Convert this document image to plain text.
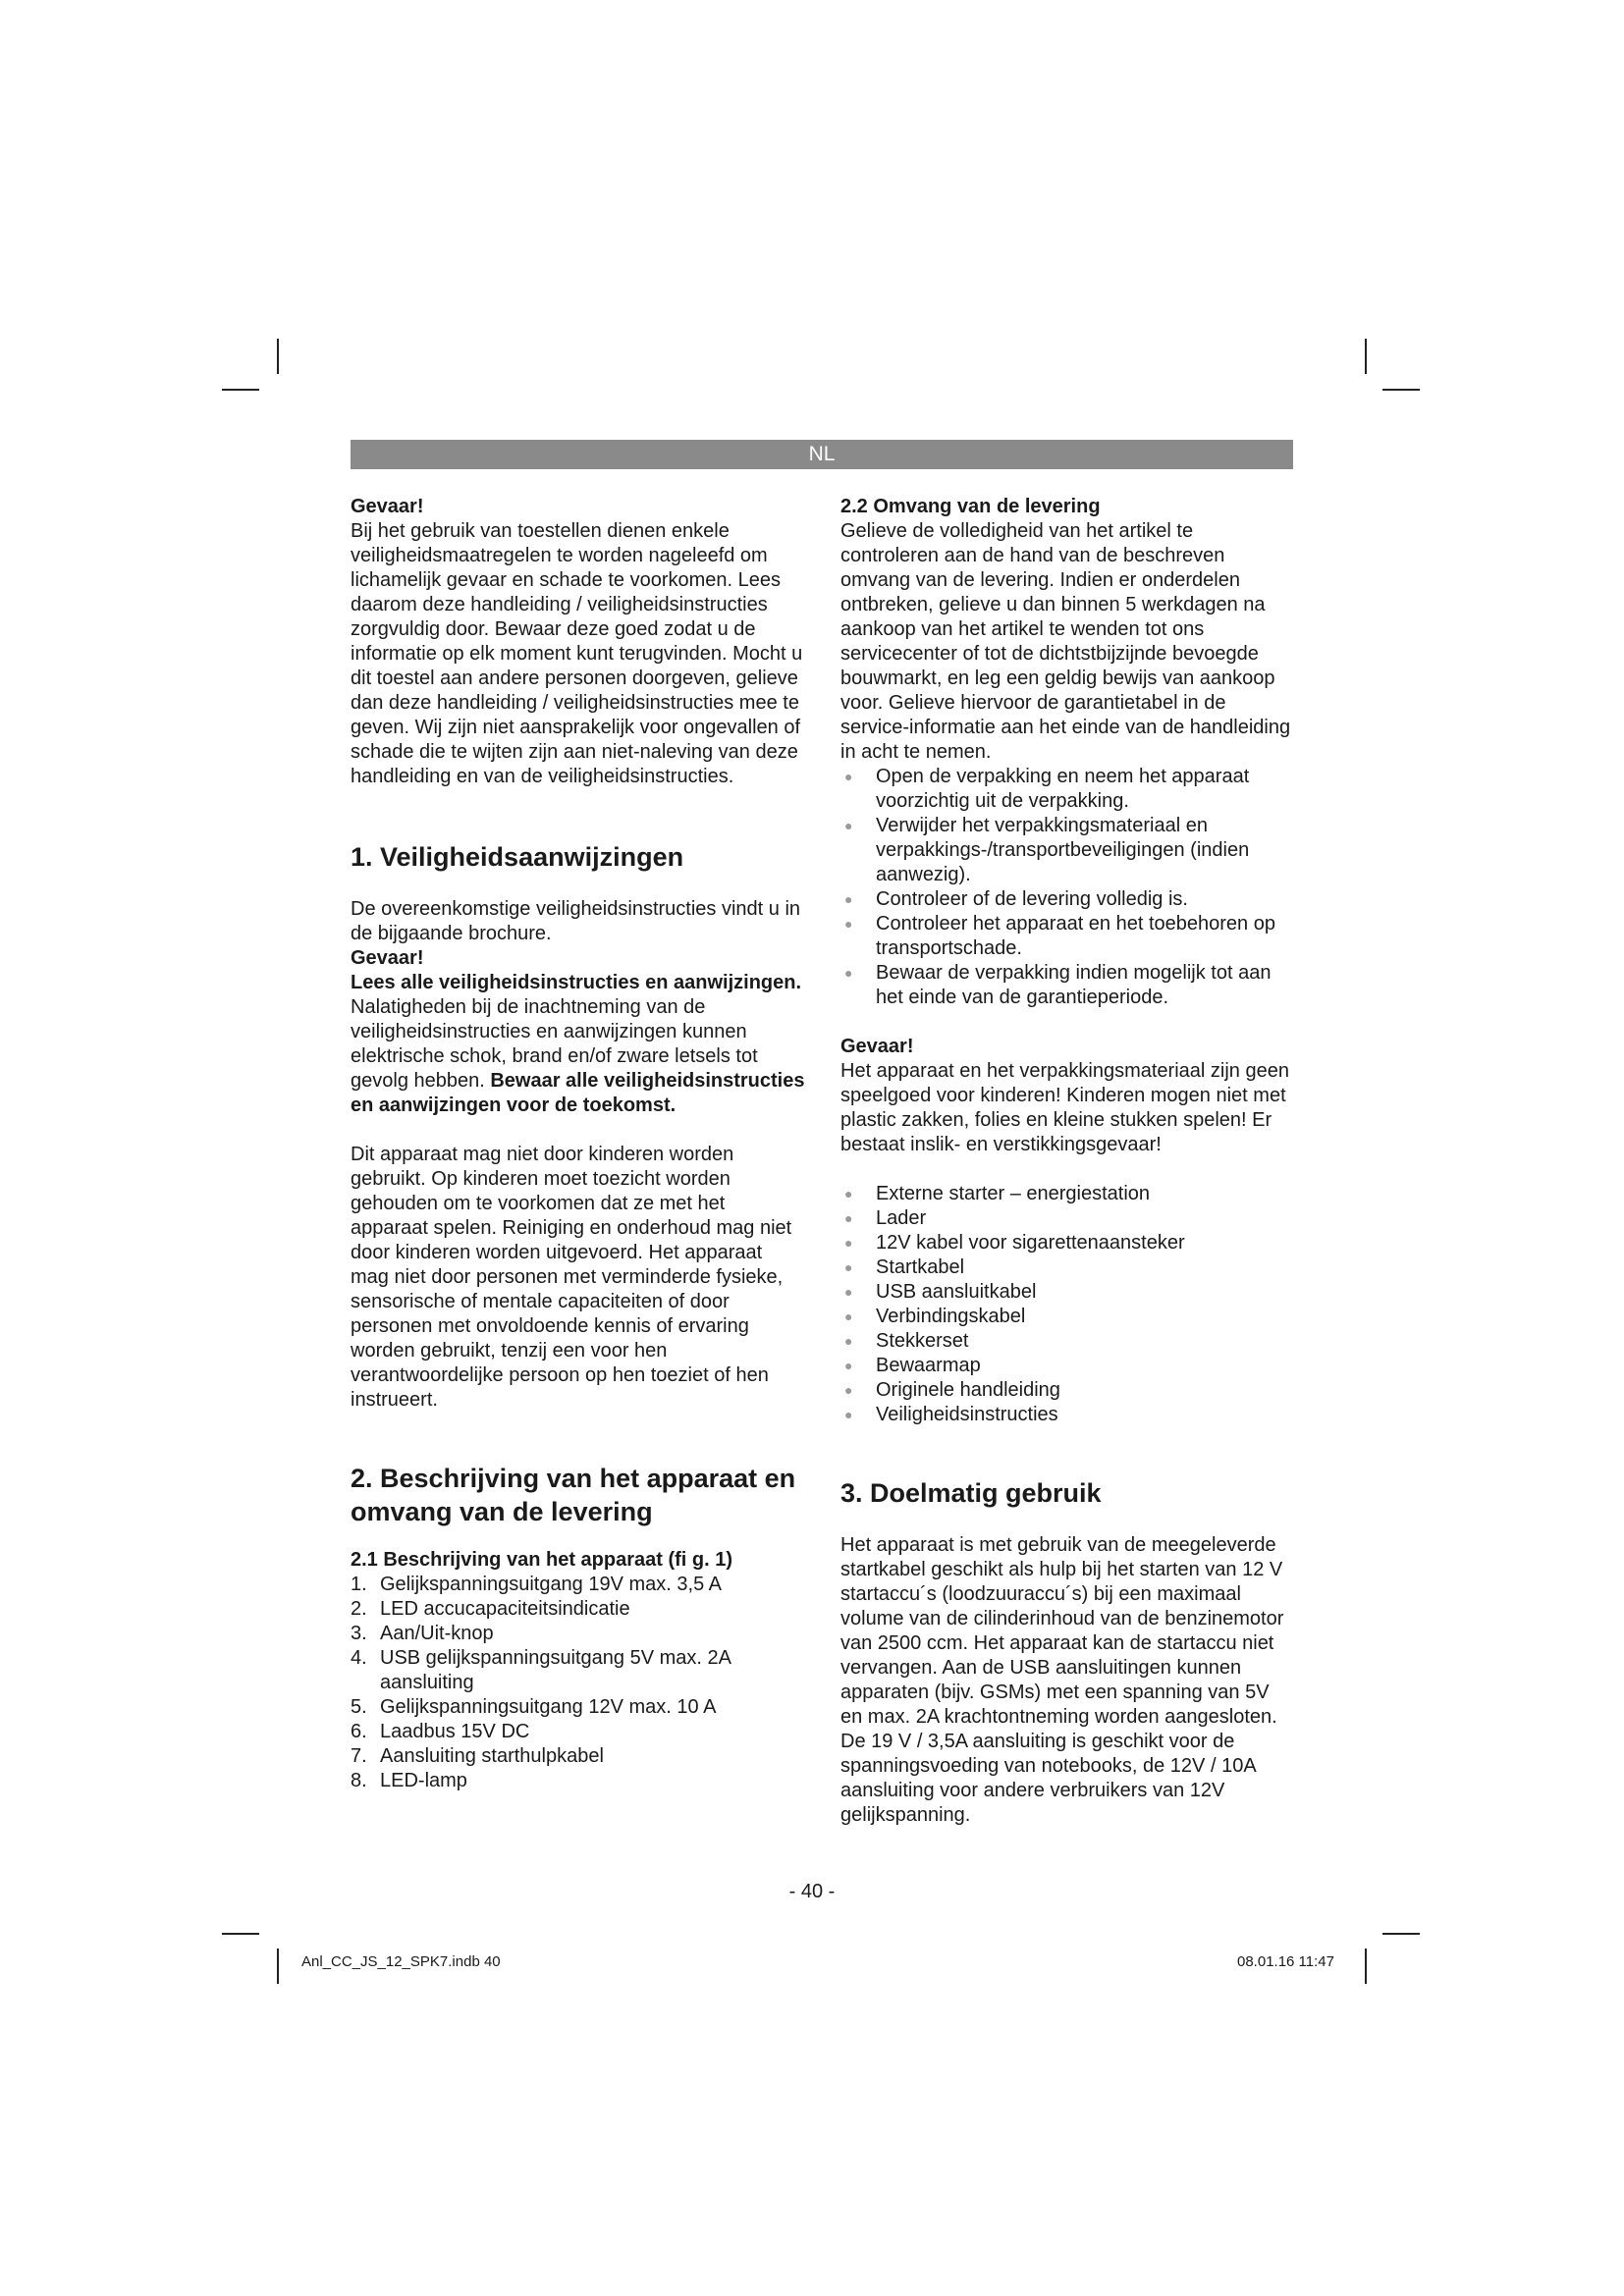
NL

Gevaar!

Bij het gebruik van toestellen dienen enkele veiligheidsmaatregelen te worden nageleefd om lichamelijk gevaar en schade te voorkomen. Lees daarom deze handleiding / veiligheidsinstructies zorgvuldig door. Bewaar deze goed zodat u de informatie op elk moment kunt terugvinden. Mocht u dit toestel aan andere personen doorgeven, gelieve dan deze handleiding / veiligheidsinstructies mee te geven. Wij zijn niet aansprakelijk voor ongevallen of schade die te wijten zijn aan niet-naleving van deze handleiding en van de veiligheidsinstructies.

1. Veiligheidsaanwijzingen

De overeenkomstige veiligheidsinstructies vindt u in de bijgaande brochure.

Gevaar!

Lees alle veiligheidsinstructies en aanwijzingen. Nalatigheden bij de inachtneming van de veiligheidsinstructies en aanwijzingen kunnen elektrische schok, brand en/of zware letsels tot gevolg hebben. Bewaar alle veiligheidsinstructies en aanwijzingen voor de toekomst.

Dit apparaat mag niet door kinderen worden gebruikt. Op kinderen moet toezicht worden gehouden om te voorkomen dat ze met het apparaat spelen. Reiniging en onderhoud mag niet door kinderen worden uitgevoerd. Het apparaat mag niet door personen met verminderde fysieke, sensorische of mentale capaciteiten of door personen met onvoldoende kennis of ervaring worden gebruikt, tenzij een voor hen verantwoordelijke persoon op hen toeziet of hen instrueert.

2. Beschrijving van het apparaat en omvang van de levering

2.1 Beschrijving van het apparaat (fi g. 1)

1. Gelijkspanningsuitgang 19V max. 3,5 A
2. LED accucapaciteitsindicatie
3. Aan/Uit-knop
4. USB gelijkspanningsuitgang 5V max. 2A aansluiting
5. Gelijkspanningsuitgang 12V max. 10 A
6. Laadbus 15V DC
7. Aansluiting starthulpkabel
8. LED-lamp

2.2 Omvang van de levering

Gelieve de volledigheid van het artikel te controleren aan de hand van de beschreven omvang van de levering. Indien er onderdelen ontbreken, gelieve u dan binnen 5 werkdagen na aankoop van het artikel te wenden tot ons servicecenter of tot de dichtstbijzijnde bevoegde bouwmarkt, en leg een geldig bewijs van aankoop voor. Gelieve hiervoor de garantietabel in de service-informatie aan het einde van de handleiding in acht te nemen.

● Open de verpakking en neem het apparaat voorzichtig uit de verpakking.
● Verwijder het verpakkingsmateriaal en verpakkings-/transportbeveiligingen (indien aanwezig).
● Controleer of de levering volledig is.
● Controleer het apparaat en het toebehoren op transportschade.
● Bewaar de verpakking indien mogelijk tot aan het einde van de garantieperiode.

Gevaar!

Het apparaat en het verpakkingsmateriaal zijn geen speelgoed voor kinderen! Kinderen mogen niet met plastic zakken, folies en kleine stukken spelen! Er bestaat inslik- en verstikkingsgevaar!

● Externe starter – energiestation
● Lader
● 12V kabel voor sigarettenaansteker
● Startkabel
● USB aansluitkabel
● Verbindingskabel
● Stekkerset
● Bewaarmap
● Originele handleiding
● Veiligheidsinstructies

3. Doelmatig gebruik

Het apparaat is met gebruik van de meegeleverde startkabel geschikt als hulp bij het starten van 12 V startaccu´s (loodzuuraccu´s) bij een maximaal volume van de cilinderinhoud van de benzinemotor van 2500 ccm. Het apparaat kan de startaccu niet vervangen. Aan de USB aansluitingen kunnen apparaten (bijv. GSMs) met een spanning van 5V en max. 2A krachtontneming worden aangesloten. De 19 V / 3,5A aansluiting is geschikt voor de spanningsvoeding van notebooks, de 12V / 10A aansluiting voor andere verbruikers van 12V gelijkspanning.

- 40 -
Anl_CC_JS_12_SPK7.indb 40	08.01.16 11:47
